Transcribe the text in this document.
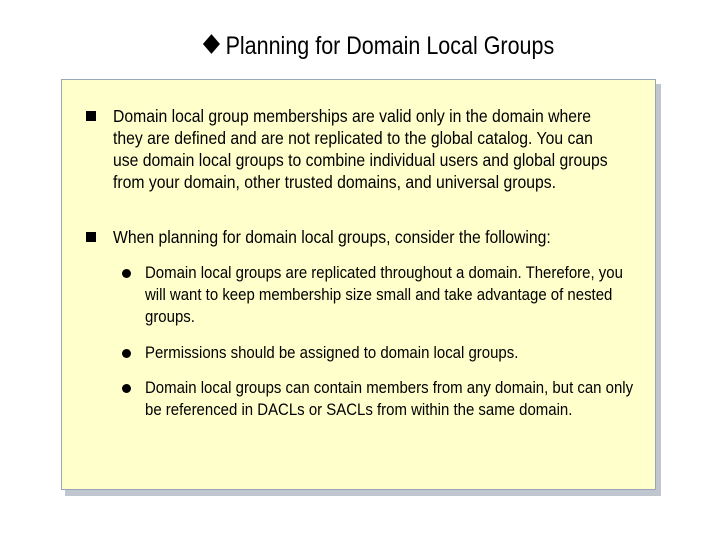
Planning for Domain Local Groups
Domain local group memberships are valid only in the domain where they are defined and are not replicated to the global catalog. You can use domain local groups to combine individual users and global groups from your domain, other trusted domains, and universal groups.
When planning for domain local groups, consider the following:
Domain local groups are replicated throughout a domain. Therefore, you will want to keep membership size small and take advantage of nested groups.
Permissions should be assigned to domain local groups.
Domain local groups can contain members from any domain, but can only be referenced in DACLs or SACLs from within the same domain.
